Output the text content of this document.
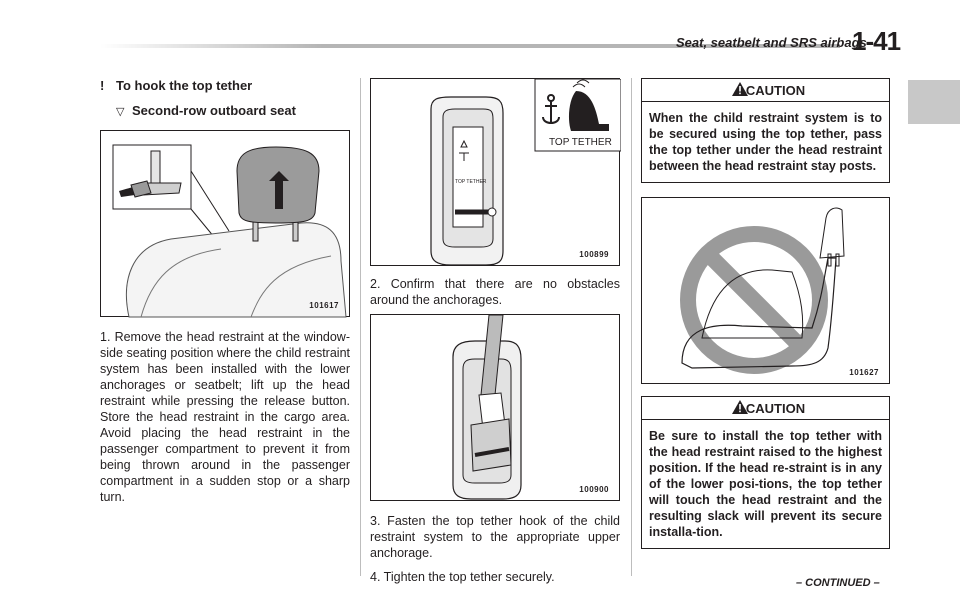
Seat, seatbelt and SRS airbags
1-41
! To hook the top tether
▽ Second-row outboard seat
101617

1. Remove the head restraint at the window-side seating position where the child restraint system has been installed with the lower anchorages or seatbelt; lift up the head restraint while pressing the release button. Store the head restraint in the cargo area. Avoid placing the head restraint in the passenger compartment to prevent it from being thrown around in the passenger compartment in a sudden stop or a sharp turn.

TOP TETHER
TOP TETHER
100899

2. Confirm that there are no obstacles around the anchorages.

100900

3. Fasten the top tether hook of the child restraint system to the appropriate upper anchorage.

4. Tighten the top tether securely.

CAUTION
When the child restraint system is to be secured using the top tether, pass the top tether under the head restraint between the head restraint stay posts.
101627
CAUTION
Be sure to install the top tether with the head restraint raised to the highest position. If the head re-straint is in any of the lower posi-tions, the top tether will touch the head restraint and the resulting slack will prevent its secure installa-tion.
– CONTINUED –
